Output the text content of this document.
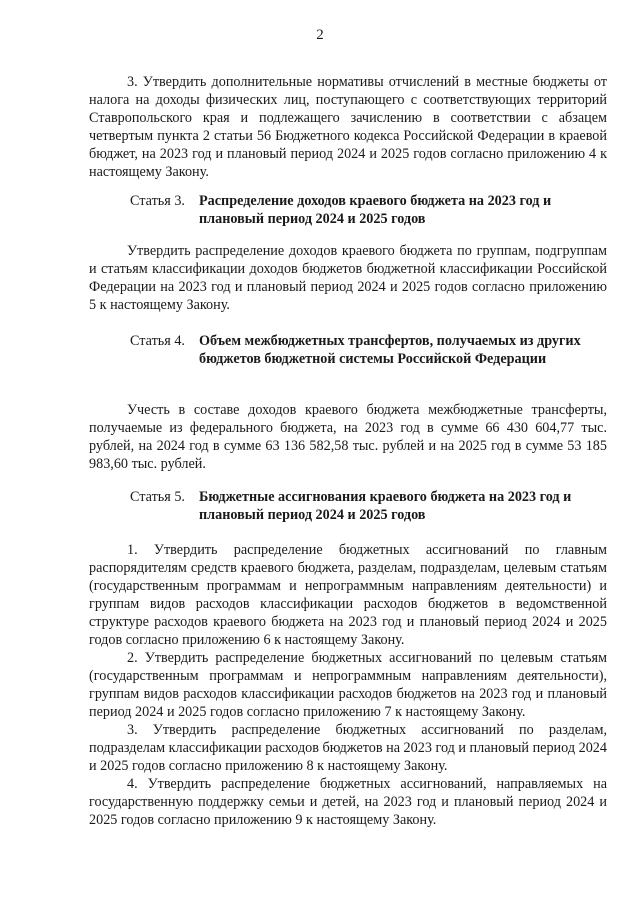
2

3. Утвердить дополнительные нормативы отчислений в местные бюджеты от налога на доходы физических лиц, поступающего с соответствующих территорий Ставропольского края и подлежащего зачислению в соответствии с абзацем четвертым пункта 2 статьи 56 Бюджетного кодекса Российской Федерации в краевой бюджет, на 2023 год и плановый период 2024 и 2025 годов согласно приложению 4 к настоящему Закону.

Статья 3. Распределение доходов краевого бюджета на 2023 год и плановый период 2024 и 2025 годов

Утвердить распределение доходов краевого бюджета по группам, подгруппам и статьям классификации доходов бюджетов бюджетной классификации Российской Федерации на 2023 год и плановый период 2024 и 2025 годов согласно приложению 5 к настоящему Закону.

Статья 4. Объем межбюджетных трансфертов, получаемых из других бюджетов бюджетной системы Российской Федерации

Учесть в составе доходов краевого бюджета межбюджетные трансферты, получаемые из федерального бюджета, на 2023 год в сумме 66 430 604,77 тыс. рублей, на 2024 год в сумме 63 136 582,58 тыс. рублей и на 2025 год в сумме 53 185 983,60 тыс. рублей.

Статья 5. Бюджетные ассигнования краевого бюджета на 2023 год и плановый период 2024 и 2025 годов

1. Утвердить распределение бюджетных ассигнований по главным распорядителям средств краевого бюджета, разделам, подразделам, целевым статьям (государственным программам и непрограммным направлениям деятельности) и группам видов расходов классификации расходов бюджетов в ведомственной структуре расходов краевого бюджета на 2023 год и плановый период 2024 и 2025 годов согласно приложению 6 к настоящему Закону.

2. Утвердить распределение бюджетных ассигнований по целевым статьям (государственным программам и непрограммным направлениям деятельности), группам видов расходов классификации расходов бюджетов на 2023 год и плановый период 2024 и 2025 годов согласно приложению 7 к настоящему Закону.

3. Утвердить распределение бюджетных ассигнований по разделам, подразделам классификации расходов бюджетов на 2023 год и плановый период 2024 и 2025 годов согласно приложению 8 к настоящему Закону.

4. Утвердить распределение бюджетных ассигнований, направляемых на государственную поддержку семьи и детей, на 2023 год и плановый период 2024 и 2025 годов согласно приложению 9 к настоящему Закону.
